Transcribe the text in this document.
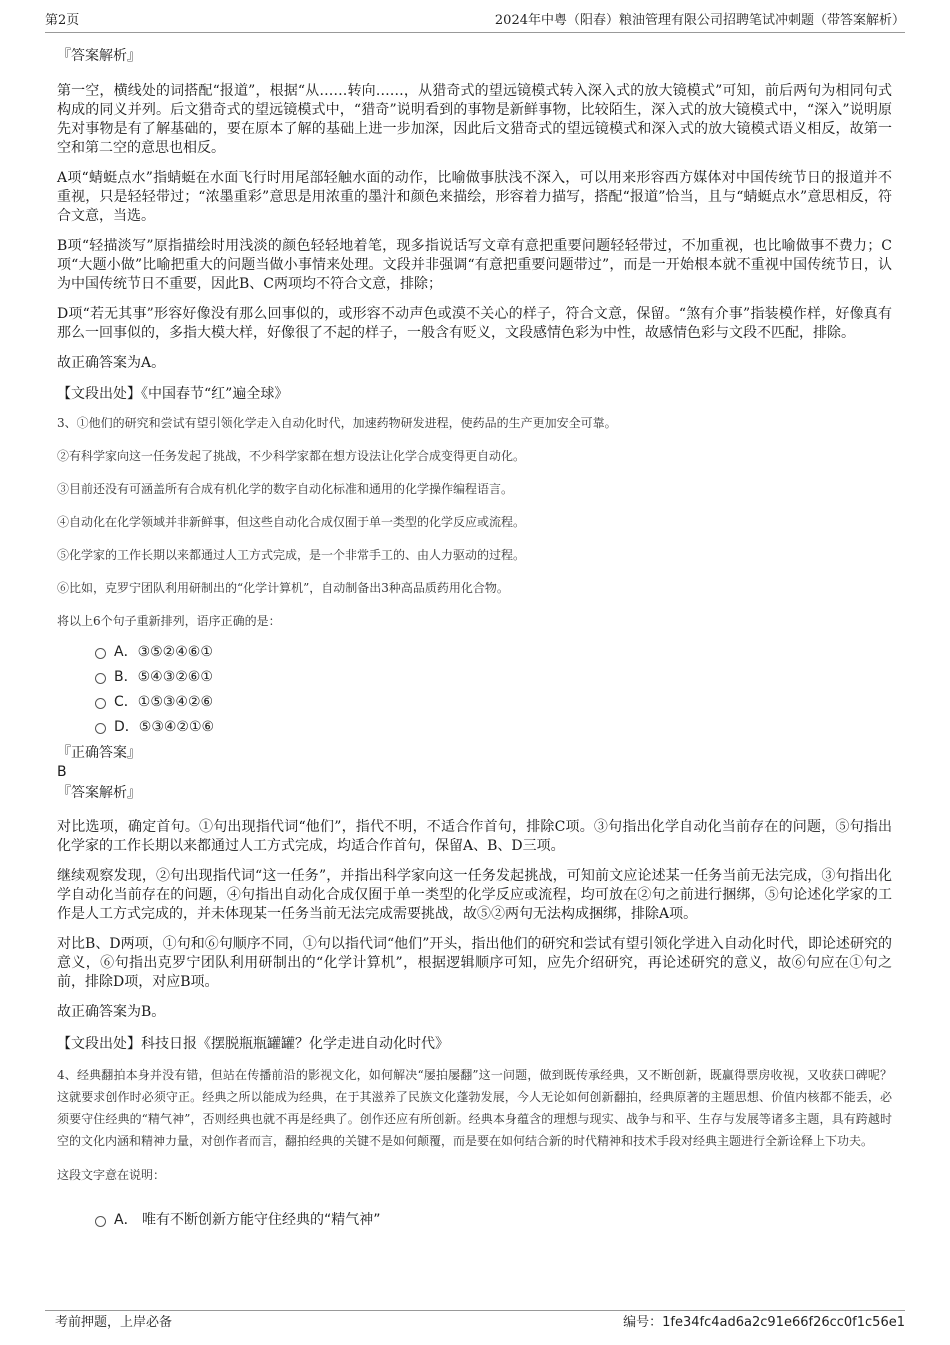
第2页	2024年中粤（阳春）粮油管理有限公司招聘笔试冲刺题（带答案解析）

『答案解析』

第一空，横线处的词搭配“报道”，根据“从……转向……，从猎奇式的望远镜模式转入深入式的放大镜模式”可知，前后两句为相同句式构成的同义并列。后文猎奇式的望远镜模式中，“猎奇”说明看到的事物是新鲜事物，比较陌生，深入式的放大镜模式中，“深入”说明原先对事物是有了解基础的，要在原本了解的基础上进一步加深，因此后文猎奇式的望远镜模式和深入式的放大镜模式语义相反，故第一空和第二空的意思也相反。

A项“蜻蜓点水”指蜻蜓在水面飞行时用尾部轻触水面的动作，比喻做事肤浅不深入，可以用来形容西方媒体对中国传统节日的报道并不重视，只是轻轻带过；“浓墨重彩”意思是用浓重的墨汁和颜色来描绘，形容着力描写，搭配“报道”恰当，且与“蜻蜓点水”意思相反，符合文意，当选。

B项“轻描淡写”原指描绘时用浅淡的颜色轻轻地着笔，现多指说话写文章有意把重要问题轻轻带过，不加重视，也比喻做事不费力；C项“大题小做”比喻把重大的问题当做小事情来处理。文段并非强调“有意把重要问题带过”，而是一开始根本就不重视中国传统节日，认为中国传统节日不重要，因此B、C两项均不符合文意，排除；

D项“若无其事”形容好像没有那么回事似的，或形容不动声色或漠不关心的样子，符合文意，保留。“煞有介事”指装模作样，好像真有那么一回事似的，多指大模大样，好像很了不起的样子，一般含有贬义，文段感情色彩为中性，故感情色彩与文段不匹配，排除。

故正确答案为A。

【文段出处】《中国春节“红”遍全球》

3、①他们的研究和尝试有望引领化学走入自动化时代，加速药物研发进程，使药品的生产更加安全可靠。

②有科学家向这一任务发起了挑战，不少科学家都在想方设法让化学合成变得更自动化。

③目前还没有可涵盖所有合成有机化学的数字自动化标准和通用的化学操作编程语言。

④自动化在化学领域并非新鲜事，但这些自动化合成仅囿于单一类型的化学反应或流程。

⑤化学家的工作长期以来都通过人工方式完成，是一个非常手工的、由人力驱动的过程。

⑥比如，克罗宁团队利用研制出的“化学计算机”，自动制备出3种高品质药用化合物。

将以上6个句子重新排列，语序正确的是：

A．③⑤②④⑥①
B．⑤④③②⑥①
C．①⑤③④②⑥
D．⑤③④②①⑥

『正确答案』

B

『答案解析』

对比选项，确定首句。①句出现指代词“他们”，指代不明，不适合作首句，排除C项。③句指出化学自动化当前存在的问题，⑤句指出化学家的工作长期以来都通过人工方式完成，均适合作首句，保留A、B、D三项。

继续观察发现，②句出现指代词“这一任务”，并指出科学家向这一任务发起挑战，可知前文应论述某一任务当前无法完成，③句指出化学自动化当前存在的问题，④句指出自动化合成仅囿于单一类型的化学反应或流程，均可放在②句之前进行捆绑，⑤句论述化学家的工作是人工方式完成的，并未体现某一任务当前无法完成需要挑战，故⑤②两句无法构成捆绑，排除A项。

对比B、D两项，①句和⑥句顺序不同，①句以指代词“他们”开头，指出他们的研究和尝试有望引领化学进入自动化时代，即论述研究的意义，⑥句指出克罗宁团队利用研制出的“化学计算机”，根据逻辑顺序可知，应先介绍研究，再论述研究的意义，故⑥句应在①句之前，排除D项，对应B项。

故正确答案为B。

【文段出处】科技日报《摆脱瓶瓶罐罐？化学走进自动化时代》

4、经典翻拍本身并没有错，但站在传播前沿的影视文化，如何解决“屡拍屡翻”这一问题，做到既传承经典，又不断创新，既赢得票房收视，又收获口碑呢？这就要求创作时必须守正。经典之所以能成为经典，在于其滋养了民族文化蓬勃发展，今人无论如何创新翻拍，经典原著的主题思想、价值内核都不能丢，必须要守住经典的“精气神”，否则经典也就不再是经典了。创作还应有所创新。经典本身蕴含的理想与现实、战争与和平、生存与发展等诸多主题，具有跨越时空的文化内涵和精神力量，对创作者而言，翻拍经典的关键不是如何颠覆，而是要在如何结合新的时代精神和技术手段对经典主题进行全新诠释上下功夫。

这段文字意在说明：

A． 唯有不断创新方能守住经典的“精气神”
考前押题，上岸必备	编号：1fe34fc4ad6a2c91e66f26cc0f1c56e1
